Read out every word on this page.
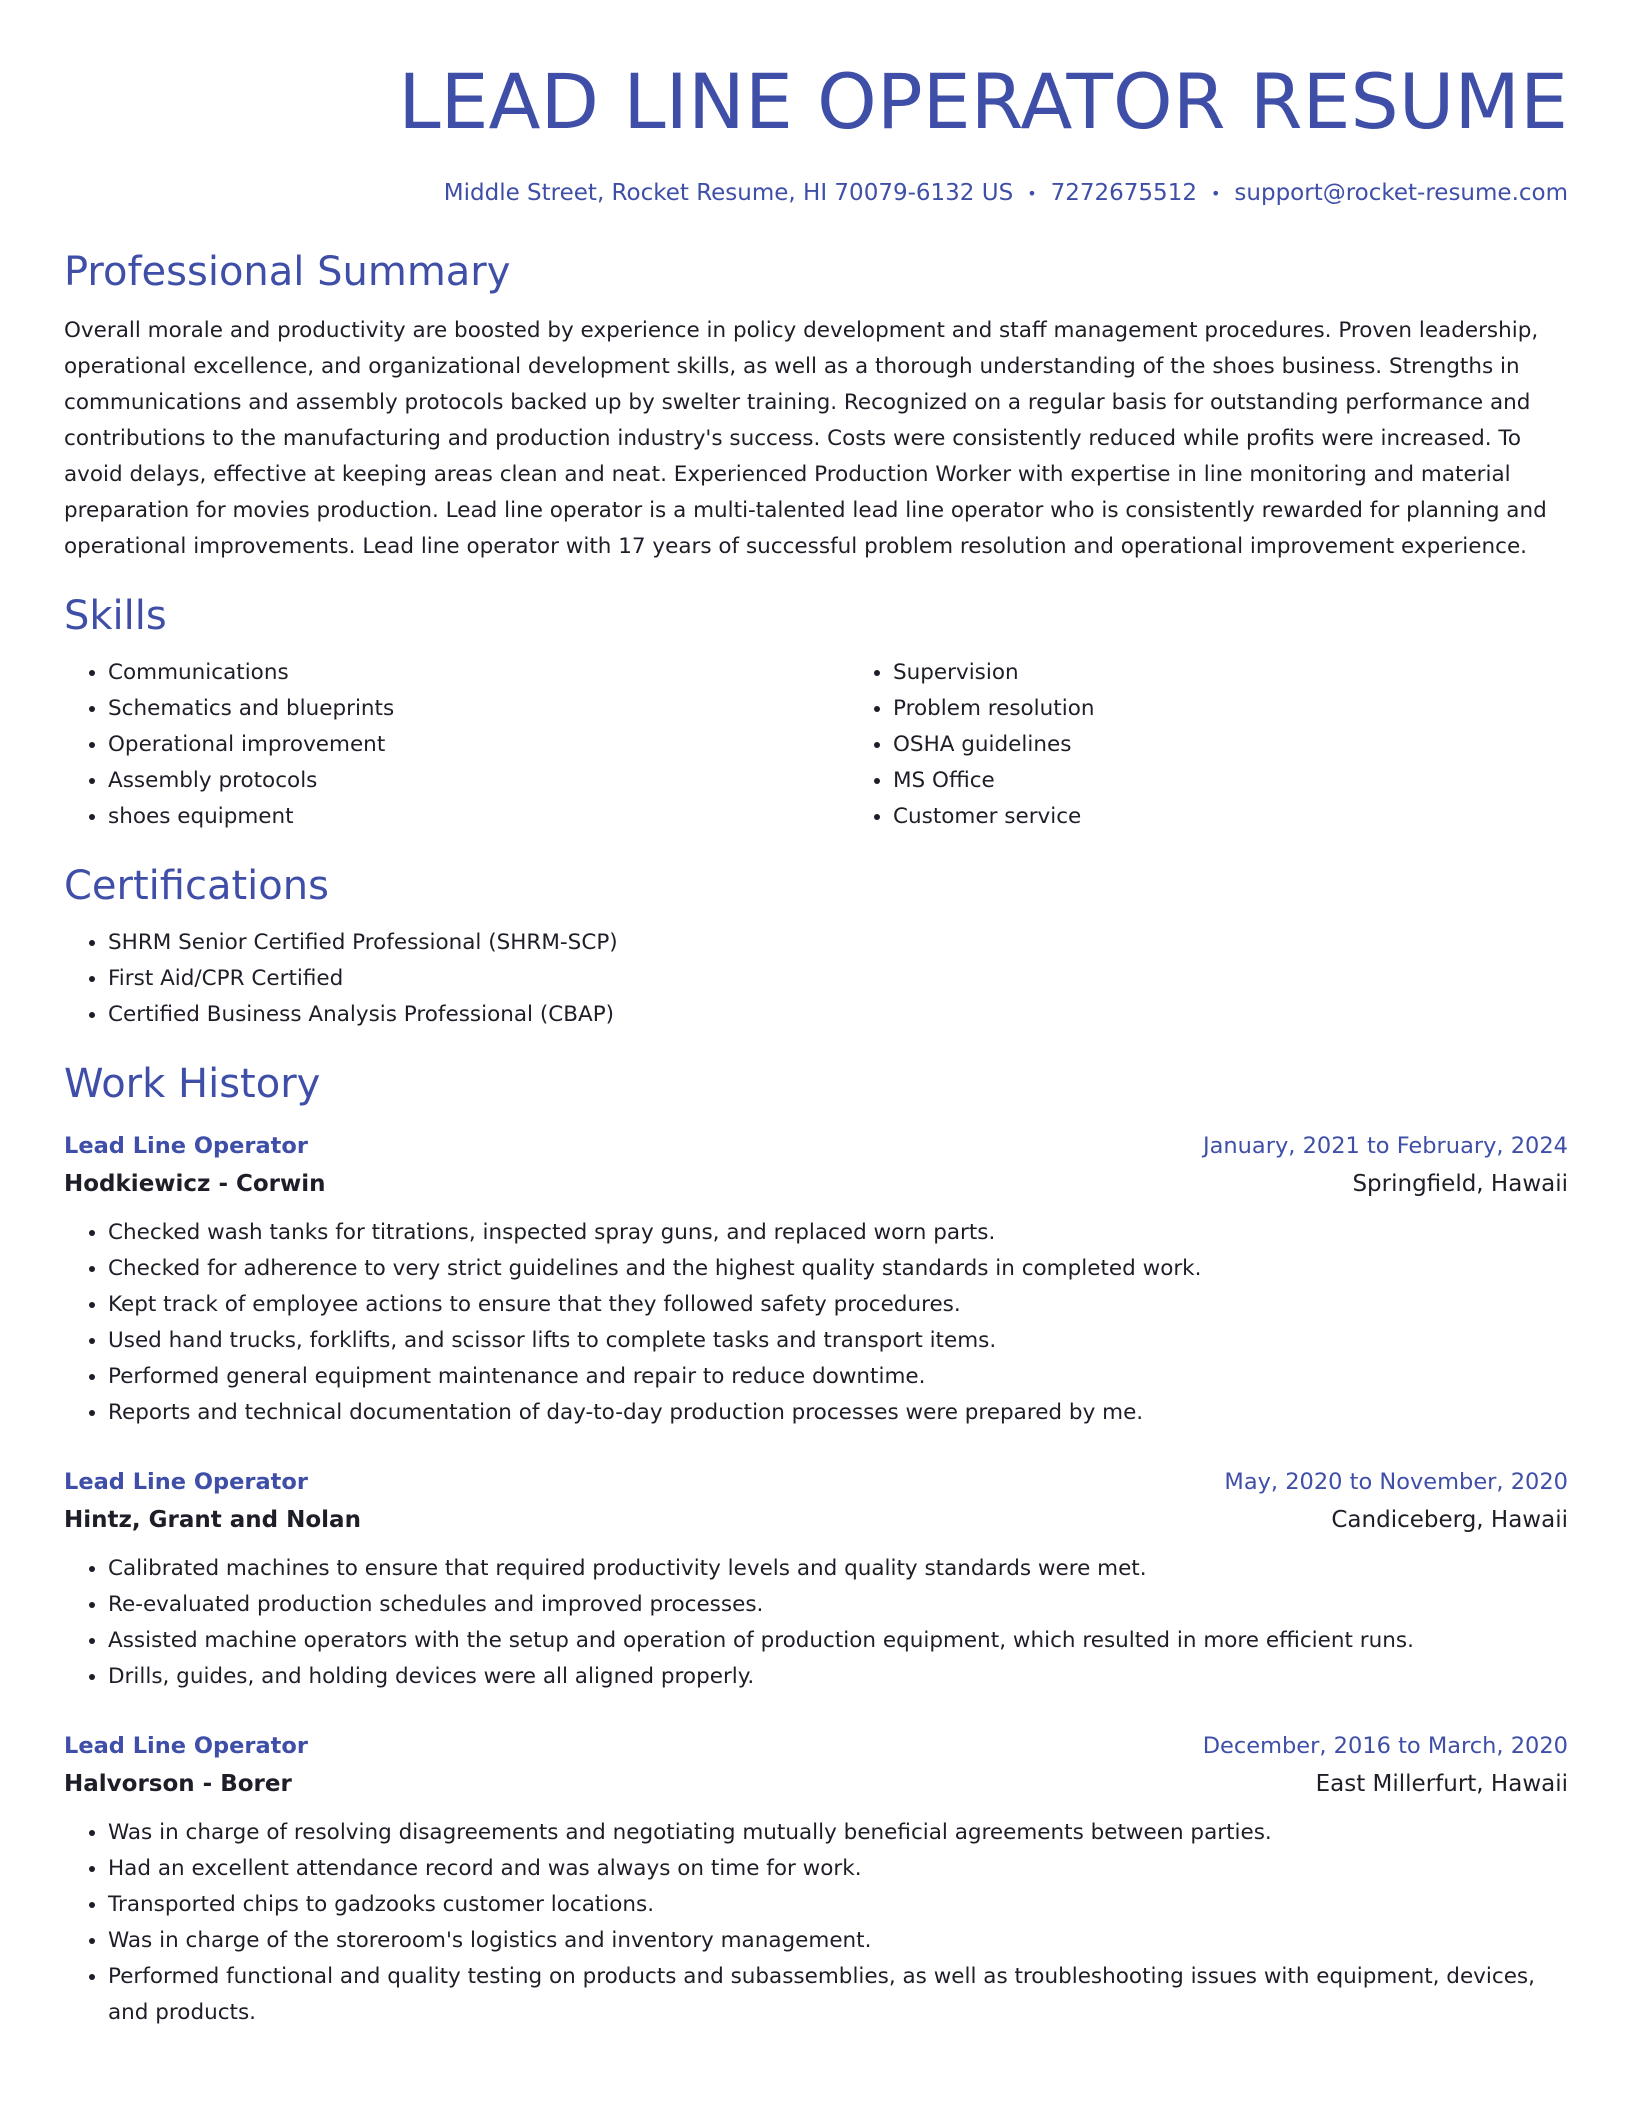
LEAD LINE OPERATOR RESUME
Middle Street, Rocket Resume, HI 70079-6132 US • 7272675512 • support@rocket-resume.com
Professional Summary
Overall morale and productivity are boosted by experience in policy development and staff management procedures. Proven leadership, operational excellence, and organizational development skills, as well as a thorough understanding of the shoes business. Strengths in communications and assembly protocols backed up by swelter training. Recognized on a regular basis for outstanding performance and contributions to the manufacturing and production industry's success. Costs were consistently reduced while profits were increased. To avoid delays, effective at keeping areas clean and neat. Experienced Production Worker with expertise in line monitoring and material preparation for movies production. Lead line operator is a multi-talented lead line operator who is consistently rewarded for planning and operational improvements. Lead line operator with 17 years of successful problem resolution and operational improvement experience.
Skills
• Communications
• Schematics and blueprints
• Operational improvement
• Assembly protocols
• shoes equipment
• Supervision
• Problem resolution
• OSHA guidelines
• MS Office
• Customer service
Certifications
• SHRM Senior Certified Professional (SHRM-SCP)
• First Aid/CPR Certified
• Certified Business Analysis Professional (CBAP)
Work History
Lead Line Operator	January, 2021 to February, 2024
Hodkiewicz - Corwin	Springfield, Hawaii
• Checked wash tanks for titrations, inspected spray guns, and replaced worn parts.
• Checked for adherence to very strict guidelines and the highest quality standards in completed work.
• Kept track of employee actions to ensure that they followed safety procedures.
• Used hand trucks, forklifts, and scissor lifts to complete tasks and transport items.
• Performed general equipment maintenance and repair to reduce downtime.
• Reports and technical documentation of day-to-day production processes were prepared by me.
Lead Line Operator	May, 2020 to November, 2020
Hintz, Grant and Nolan	Candiceberg, Hawaii
• Calibrated machines to ensure that required productivity levels and quality standards were met.
• Re-evaluated production schedules and improved processes.
• Assisted machine operators with the setup and operation of production equipment, which resulted in more efficient runs.
• Drills, guides, and holding devices were all aligned properly.
Lead Line Operator	December, 2016 to March, 2020
Halvorson - Borer	East Millerfurt, Hawaii
• Was in charge of resolving disagreements and negotiating mutually beneficial agreements between parties.
• Had an excellent attendance record and was always on time for work.
• Transported chips to gadzooks customer locations.
• Was in charge of the storeroom's logistics and inventory management.
• Performed functional and quality testing on products and subassemblies, as well as troubleshooting issues with equipment, devices, and products.
